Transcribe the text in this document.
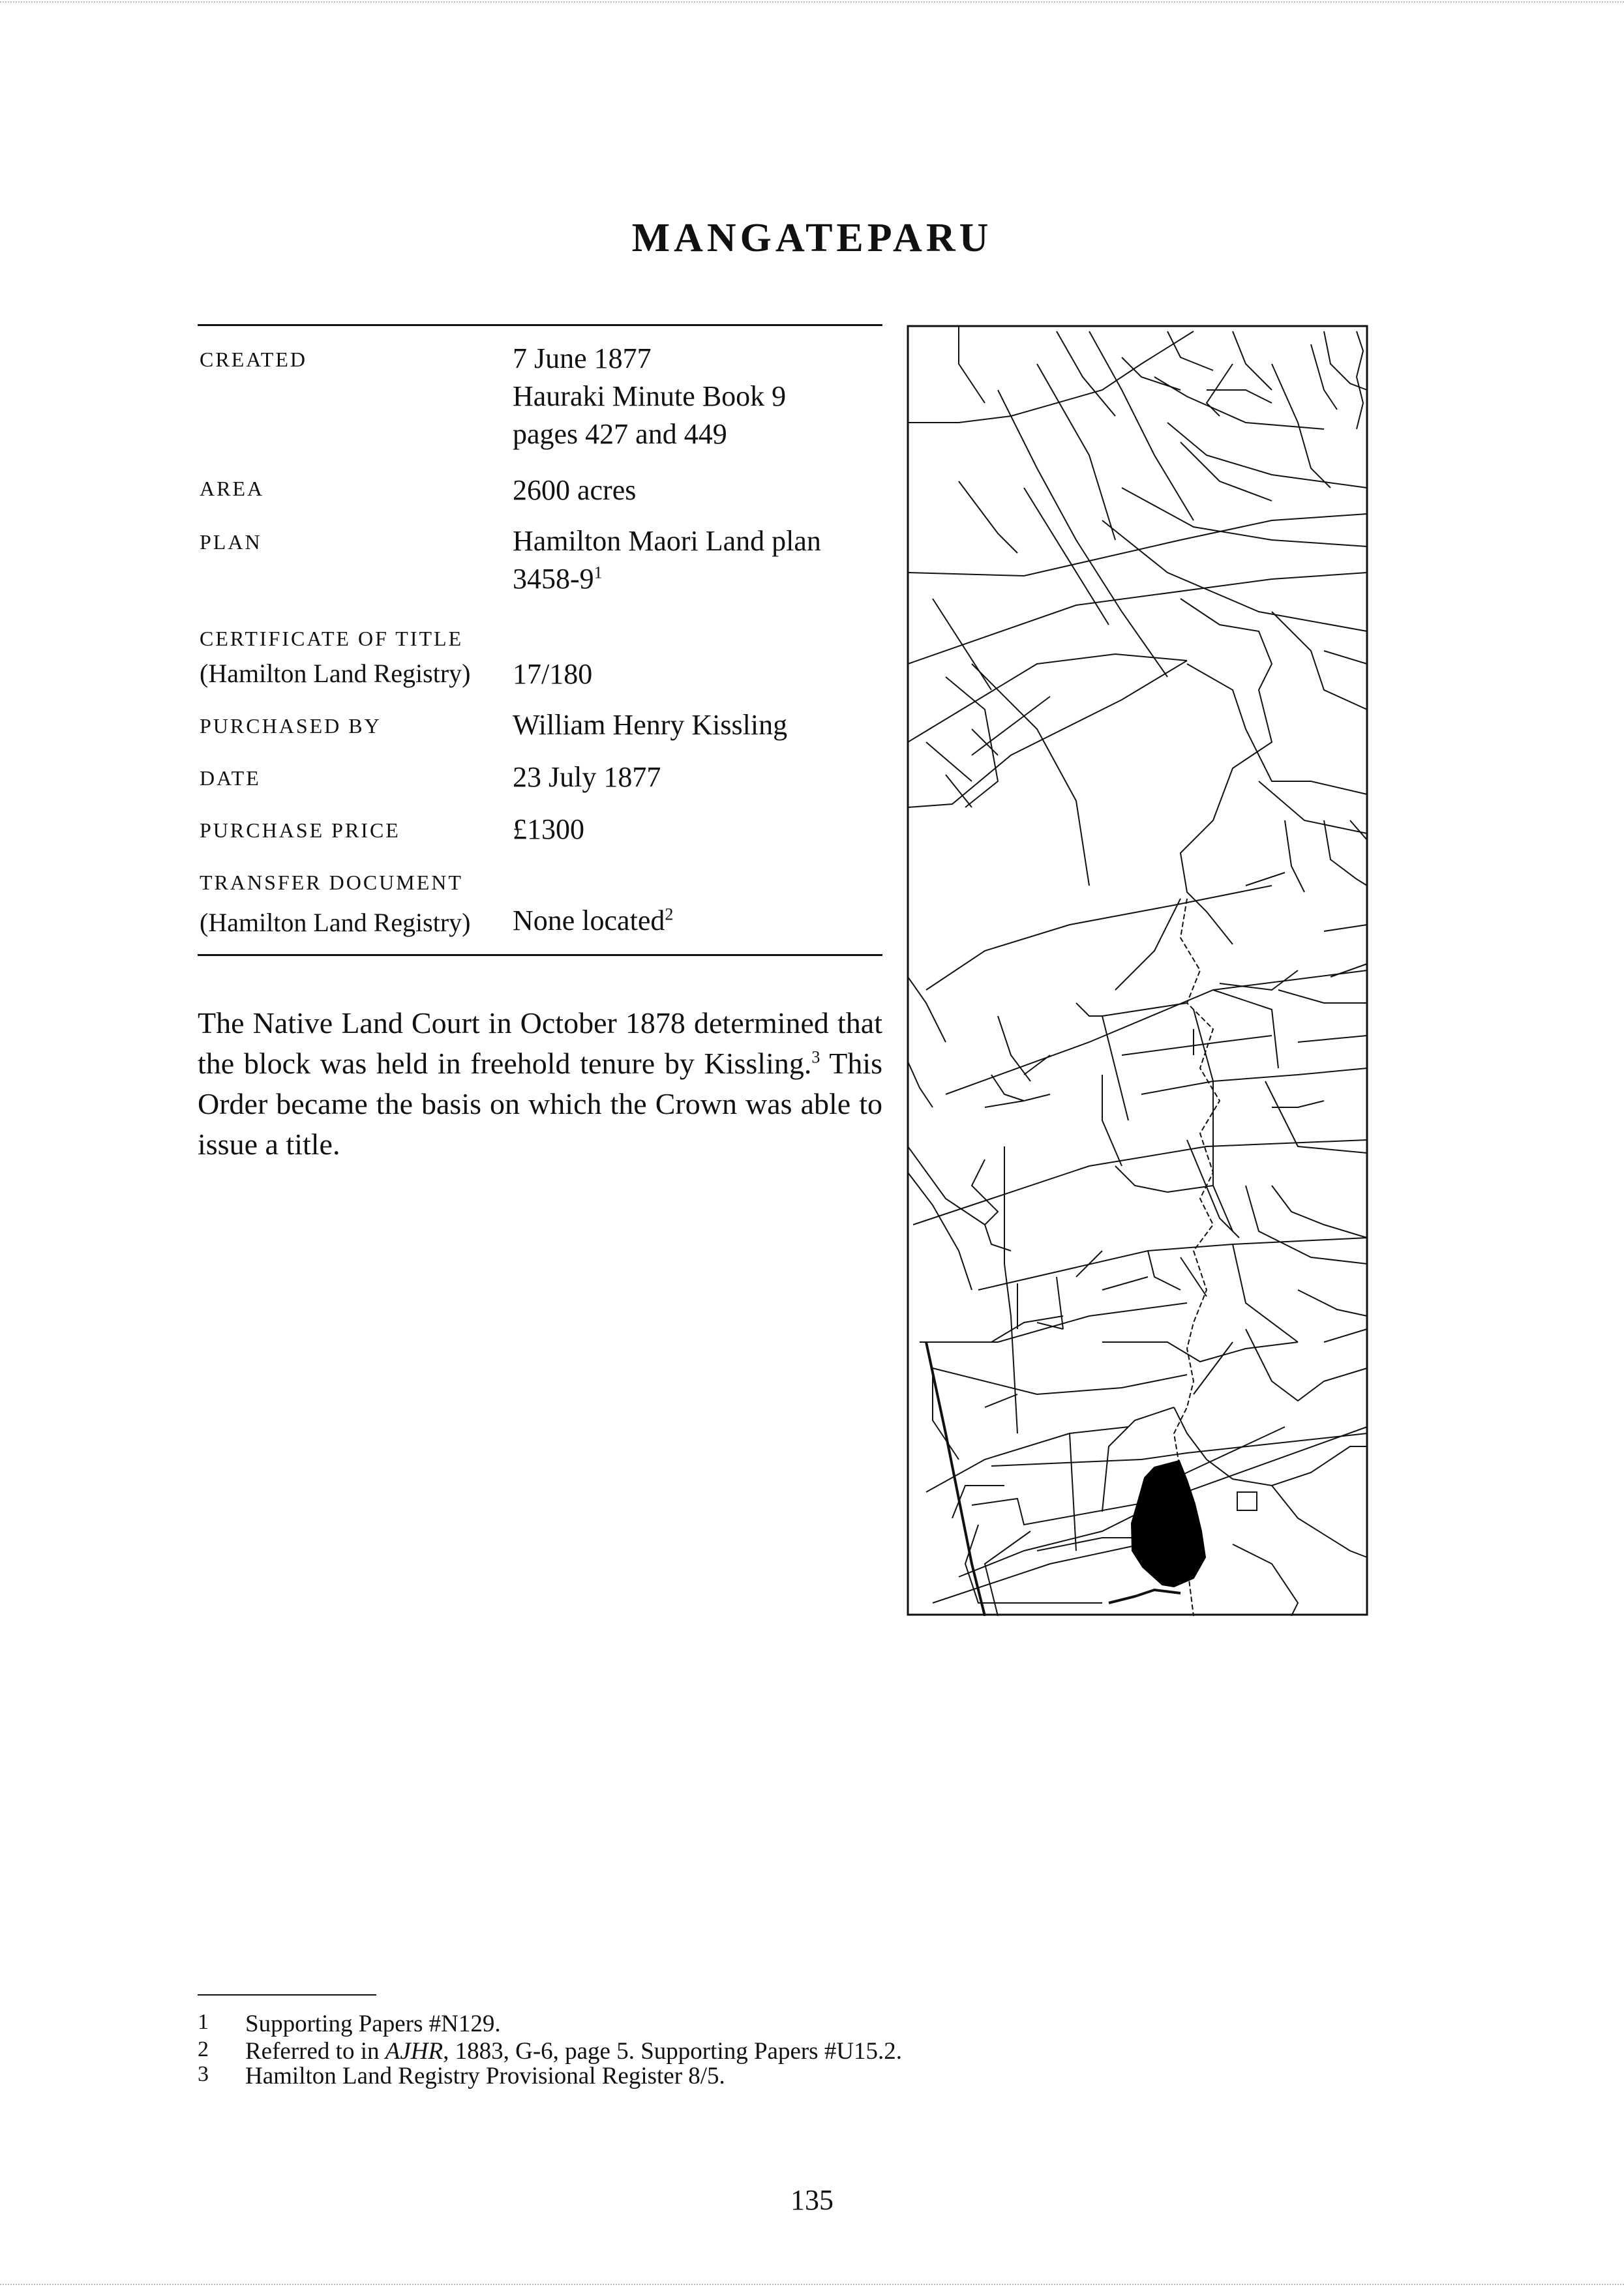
MANGATEPARU
CREATED	7 June 1877
Hauraki Minute Book 9
pages 427 and 449
AREA	2600 acres
PLAN	Hamilton Maori Land plan
$3458-9^1$
CERTIFICATE OF TITLE
(Hamilton Land Registry) 17/180
PURCHASED BY	William Henry Kissling
DATE	23 July 1877
PURCHASE PRICE	£1300
TRANSFER DOCUMENT
(Hamilton Land Registry) None located$^2$

The Native Land Court in October 1878 determined that the block was held in freehold tenure by Kissling.$^3$ This Order became the basis on which the Crown was able to issue a title.

1 Supporting Papers #N129.
2 Referred to in AJHR, 1883, G-6, page 5. Supporting Papers #U15.2.
3 Hamilton Land Registry Provisional Register 8/5.
135
